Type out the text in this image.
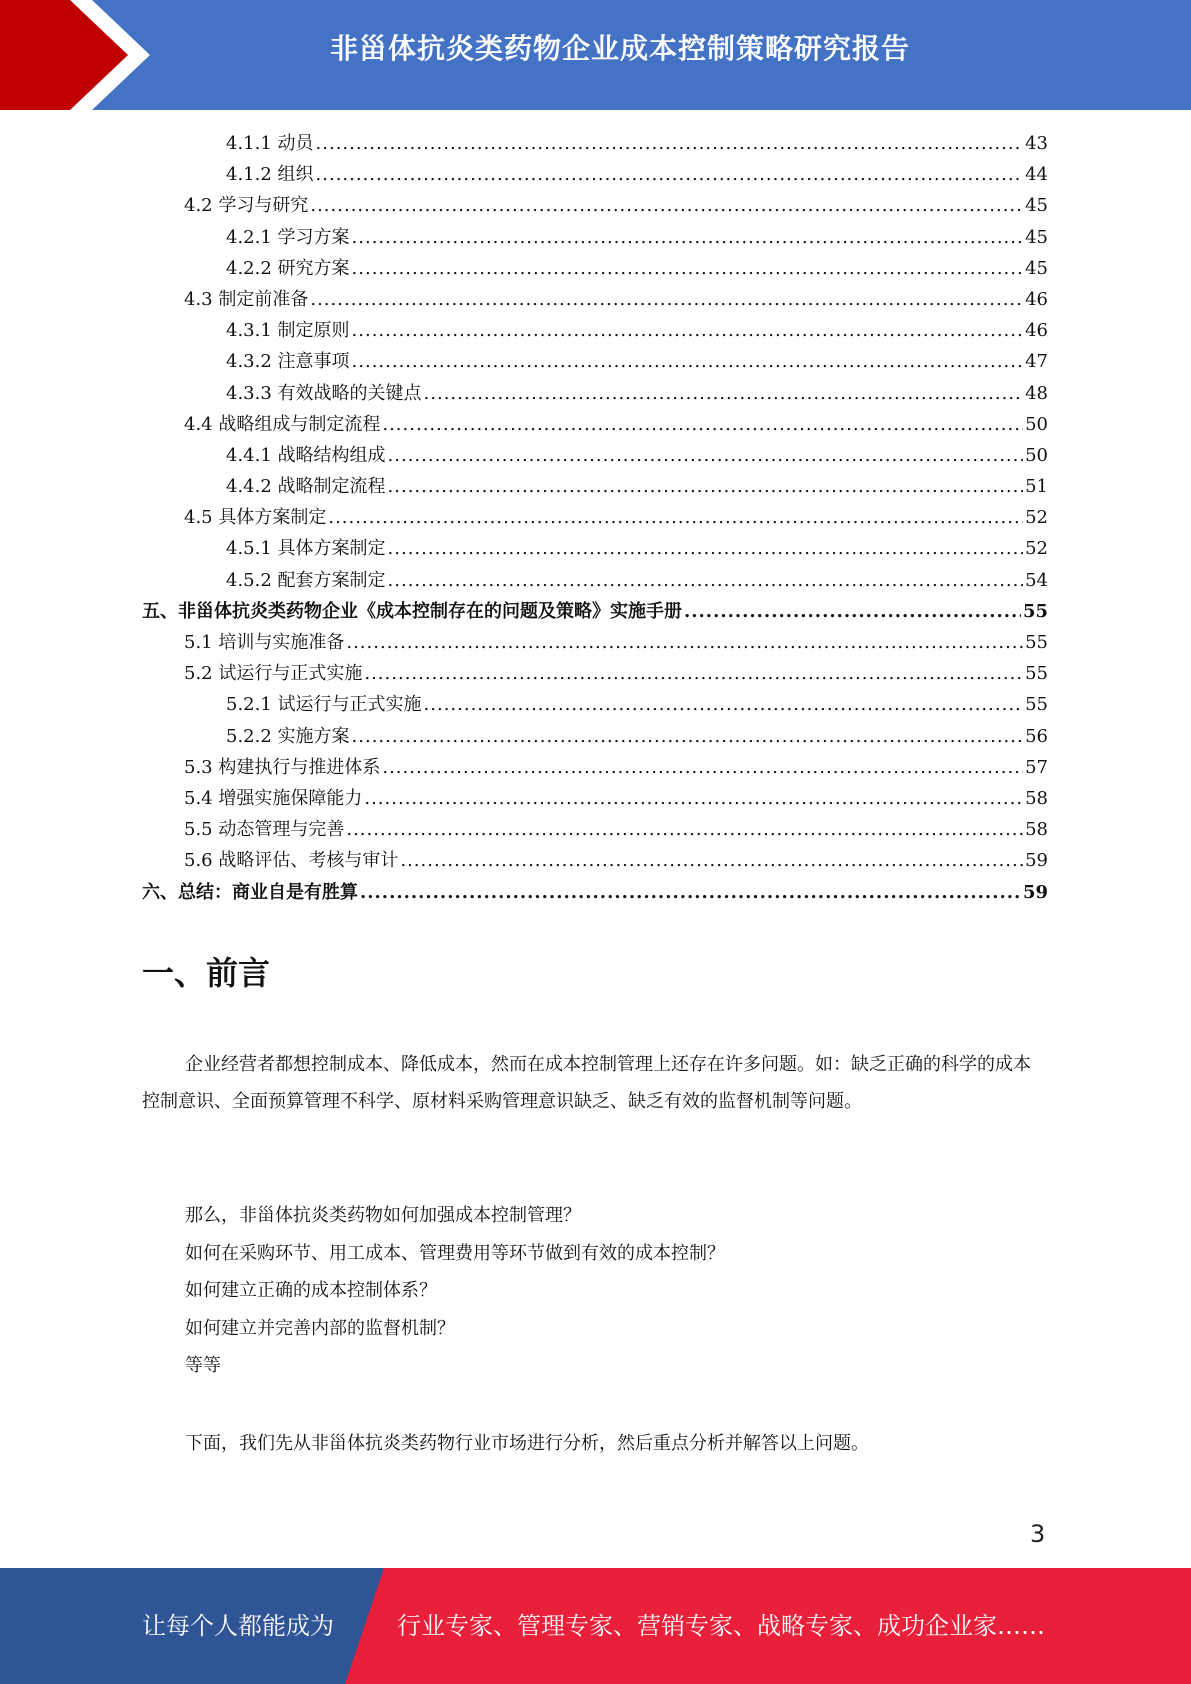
非甾体抗炎类药物企业成本控制策略研究报告
4.1.1 动员 .....	43
4.1.2 组织 .....	44
4.2 学习与研究 .....	45
4.2.1 学习方案 .....	45
4.2.2 研究方案 .....	45
4.3 制定前准备 .....	46
4.3.1 制定原则 .....	46
4.3.2 注意事项 .....	47
4.3.3 有效战略的关键点 .....	48
4.4 战略组成与制定流程 .....	50
4.4.1 战略结构组成 .....	50
4.4.2 战略制定流程 .....	51
4.5 具体方案制定 .....	52
4.5.1 具体方案制定 .....	52
4.5.2 配套方案制定 .....	54
五、非甾体抗炎类药物企业《成本控制存在的问题及策略》实施手册 .....	55
5.1 培训与实施准备 .....	55
5.2 试运行与正式实施 .....	55
5.2.1 试运行与正式实施 .....	55
5.2.2 实施方案 .....	56
5.3 构建执行与推进体系 .....	57
5.4 增强实施保障能力 .....	58
5.5 动态管理与完善 .....	58
5.6 战略评估、考核与审计 .....	59
六、总结：商业自是有胜算 .....	59
一、前言
企业经营者都想控制成本、降低成本，然而在成本控制管理上还存在许多问题。如：缺乏正确的科学的成本控制意识、全面预算管理不科学、原材料采购管理意识缺乏、缺乏有效的监督机制等问题。
那么，非甾体抗炎类药物如何加强成本控制管理？
如何在采购环节、用工成本、管理费用等环节做到有效的成本控制？
如何建立正确的成本控制体系？
如何建立并完善内部的监督机制？
等等
下面，我们先从非甾体抗炎类药物行业市场进行分析，然后重点分析并解答以上问题。
3
让每个人都能成为	行业专家、管理专家、营销专家、战略专家、成功企业家……
